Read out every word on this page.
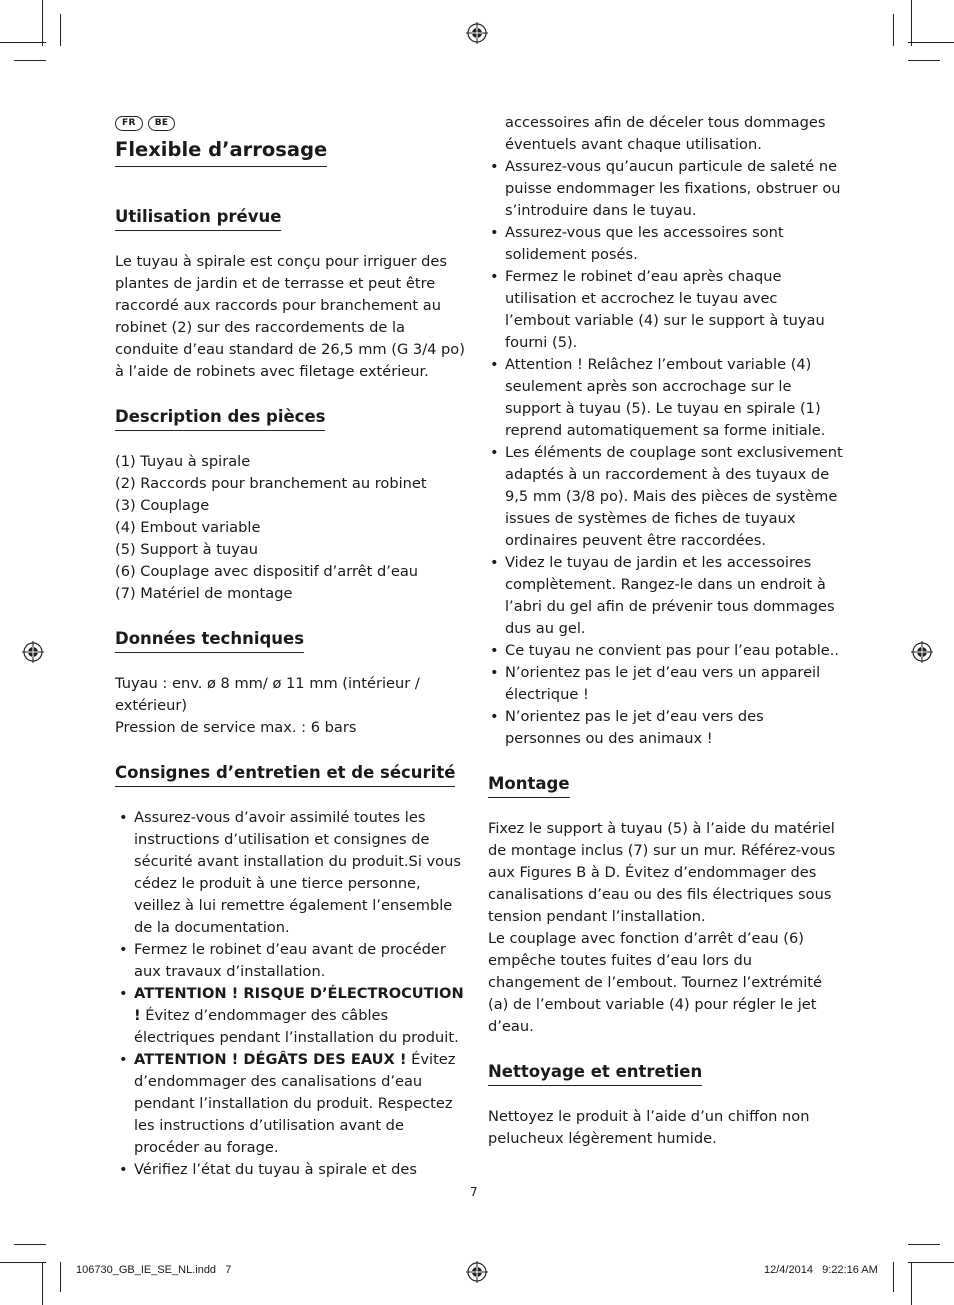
FR	BE
Flexible d’arrosage
Utilisation prévue

Le tuyau à spirale est conçu pour irriguer des plantes de jardin et de terrasse et peut être raccordé aux raccords pour branchement au robinet (2) sur des raccordements de la conduite d’eau standard de 26,5 mm (G 3/4 po) à l’aide de robinets avec filetage extérieur.

Description des pièces
(1) Tuyau à spirale
(2) Raccords pour branchement au robinet
(3) Couplage
(4) Embout variable
(5) Support à tuyau
(6) Couplage avec dispositif d’arrêt d’eau
(7) Matériel de montage
Données techniques

Tuyau : env. ø 8 mm/ ø 11 mm (intérieur / extérieur)

Pression de service max. : 6 bars

Consignes d’entretien et de sécurité
• Assurez-vous d’avoir assimilé toutes les instructions d’utilisation et consignes de sécurité avant installation du produit.Si vous cédez le produit à une tierce personne, veillez à lui remettre également l’ensemble de la documentation.
• Fermez le robinet d’eau avant de procéder aux travaux d’installation.
• ATTENTION ! RISQUE D’ÉLECTROCUTION ! Évitez d’endommager des câbles électriques pendant l’installation du produit.
• ATTENTION ! DÉGÂTS DES EAUX ! Évitez d’endommager des canalisations d’eau pendant l’installation du produit. Respectez les instructions d’utilisation avant de procéder au forage.
• Vérifiez l’état du tuyau à spirale et des

accessoires afin de déceler tous dommages éventuels avant chaque utilisation.

• Assurez-vous qu’aucun particule de saleté ne puisse endommager les fixations, obstruer ou s’introduire dans le tuyau.
• Assurez-vous que les accessoires sont solidement posés.
• Fermez le robinet d’eau après chaque utilisation et accrochez le tuyau avec l’embout variable (4) sur le support à tuyau fourni (5).
• Attention ! Relâchez l’embout variable (4) seulement après son accrochage sur le support à tuyau (5). Le tuyau en spirale (1) reprend automatiquement sa forme initiale.
• Les éléments de couplage sont exclusivement adaptés à un raccordement à des tuyaux de 9,5 mm (3/8 po). Mais des pièces de système issues de systèmes de fiches de tuyaux ordinaires peuvent être raccordées.
• Videz le tuyau de jardin et les accessoires complètement. Rangez-le dans un endroit à l’abri du gel afin de prévenir tous dommages dus au gel.
• Ce tuyau ne convient pas pour l’eau potable..
• N’orientez pas le jet d’eau vers un appareil électrique !
• N’orientez pas le jet d’eau vers des personnes ou des animaux !
Montage

Fixez le support à tuyau (5) à l’aide du matériel de montage inclus (7) sur un mur. Référez-vous aux Figures B à D. Évitez d’endommager des canalisations d’eau ou des fils électriques sous tension pendant l’installation.

Le couplage avec fonction d’arrêt d’eau (6) empêche toutes fuites d’eau lors du changement de l’embout. Tournez l’extrémité (a) de l’embout variable (4) pour régler le jet d’eau.

Nettoyage et entretien

Nettoyez le produit à l’aide d’un chiffon non pelucheux légèrement humide.

7
106730_GB_IE_SE_NL.indd   7	12/4/2014   9:22:16 AM
